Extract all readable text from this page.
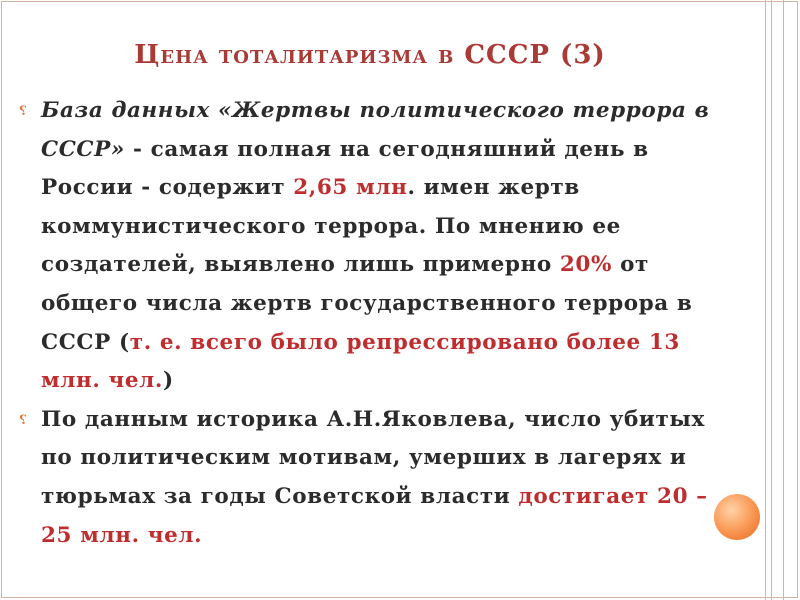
Цена тоталитаризма в СССР (3)
⸮ База данных «Жертвы политического террора в СССР» - самая полная на сегодняшний день в России - содержит 2,65 млн. имен жертв коммунистического террора. По мнению ее создателей, выявлено лишь примерно 20% от общего числа жертв государственного террора в СССР (т. е. всего было репрессировано более 13 млн. чел.)
⸮ По данным историка А.Н.Яковлева, число убитых по политическим мотивам, умерших в лагерях и тюрьмах за годы Советской власти достигает 20 – 25 млн. чел.
